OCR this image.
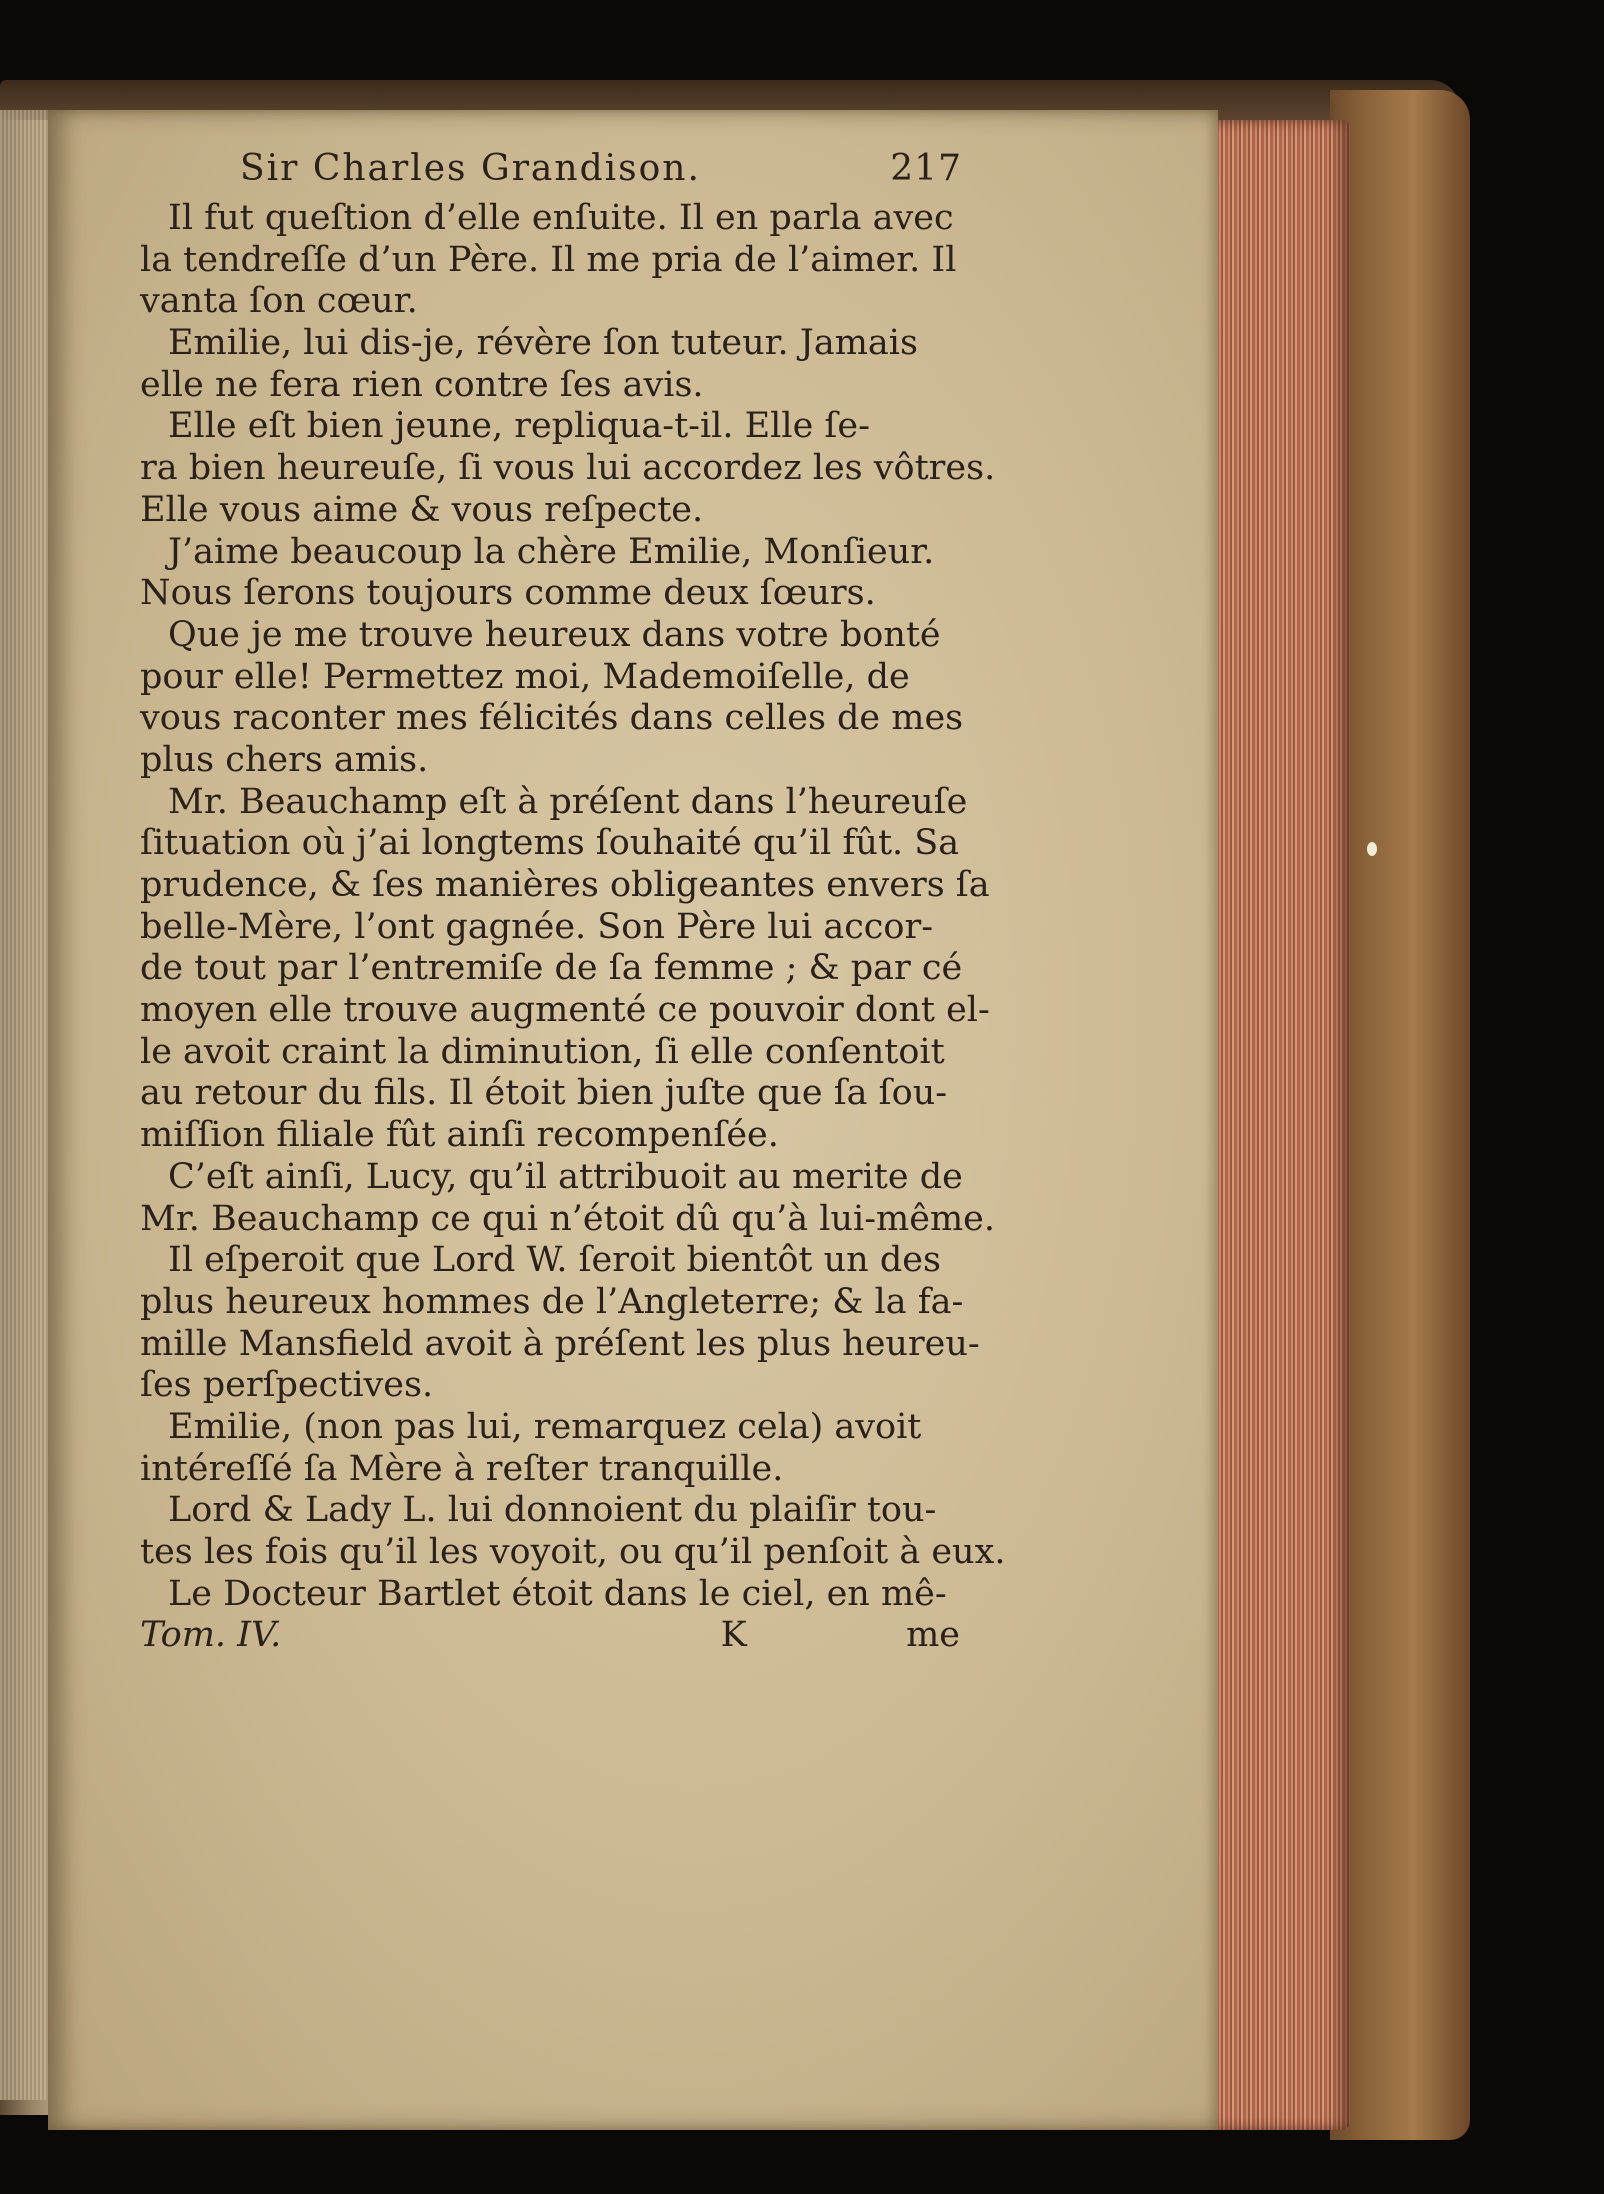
Sir Charles Grandison.	217
Il fut queſtion d’elle enſuite. Il en parla avec
la tendreſſe d’un Père. Il me pria de l’aimer. Il
vanta ſon cœur.
Emilie, lui dis-je, révère ſon tuteur. Jamais
elle ne fera rien contre ſes avis.
Elle eſt bien jeune, repliqua-t-il. Elle ſe-
ra bien heureuſe, ſi vous lui accordez les vôtres.
Elle vous aime & vous reſpecte.
J’aime beaucoup la chère Emilie, Monſieur.
Nous ſerons toujours comme deux ſœurs.
Que je me trouve heureux dans votre bonté
pour elle! Permettez moi, Mademoiſelle, de
vous raconter mes félicités dans celles de mes
plus chers amis.
Mr. Beauchamp eſt à préſent dans l’heureuſe
ſituation où j’ai longtems ſouhaité qu’il fût. Sa
prudence, & ſes manières obligeantes envers ſa
belle-Mère, l’ont gagnée. Son Père lui accor-
de tout par l’entremiſe de ſa femme ; & par cé
moyen elle trouve augmenté ce pouvoir dont el-
le avoit craint la diminution, ſi elle conſentoit
au retour du fils. Il étoit bien juſte que ſa ſou-
miſſion filiale fût ainſi recompenſée.
C’eſt ainſi, Lucy, qu’il attribuoit au merite de
Mr. Beauchamp ce qui n’étoit dû qu’à lui-même.
Il eſperoit que Lord W. ſeroit bientôt un des
plus heureux hommes de l’Angleterre; & la fa-
mille Mansfield avoit à préſent les plus heureu-
ſes perſpectives.
Emilie, (non pas lui, remarquez cela) avoit
intéreſſé ſa Mère à reſter tranquille.
Lord & Lady L. lui donnoient du plaiſir tou-
tes les fois qu’il les voyoit, ou qu’il penſoit à eux.
Le Docteur Bartlet étoit dans le ciel, en mê-
Tom. IV.	K	me
